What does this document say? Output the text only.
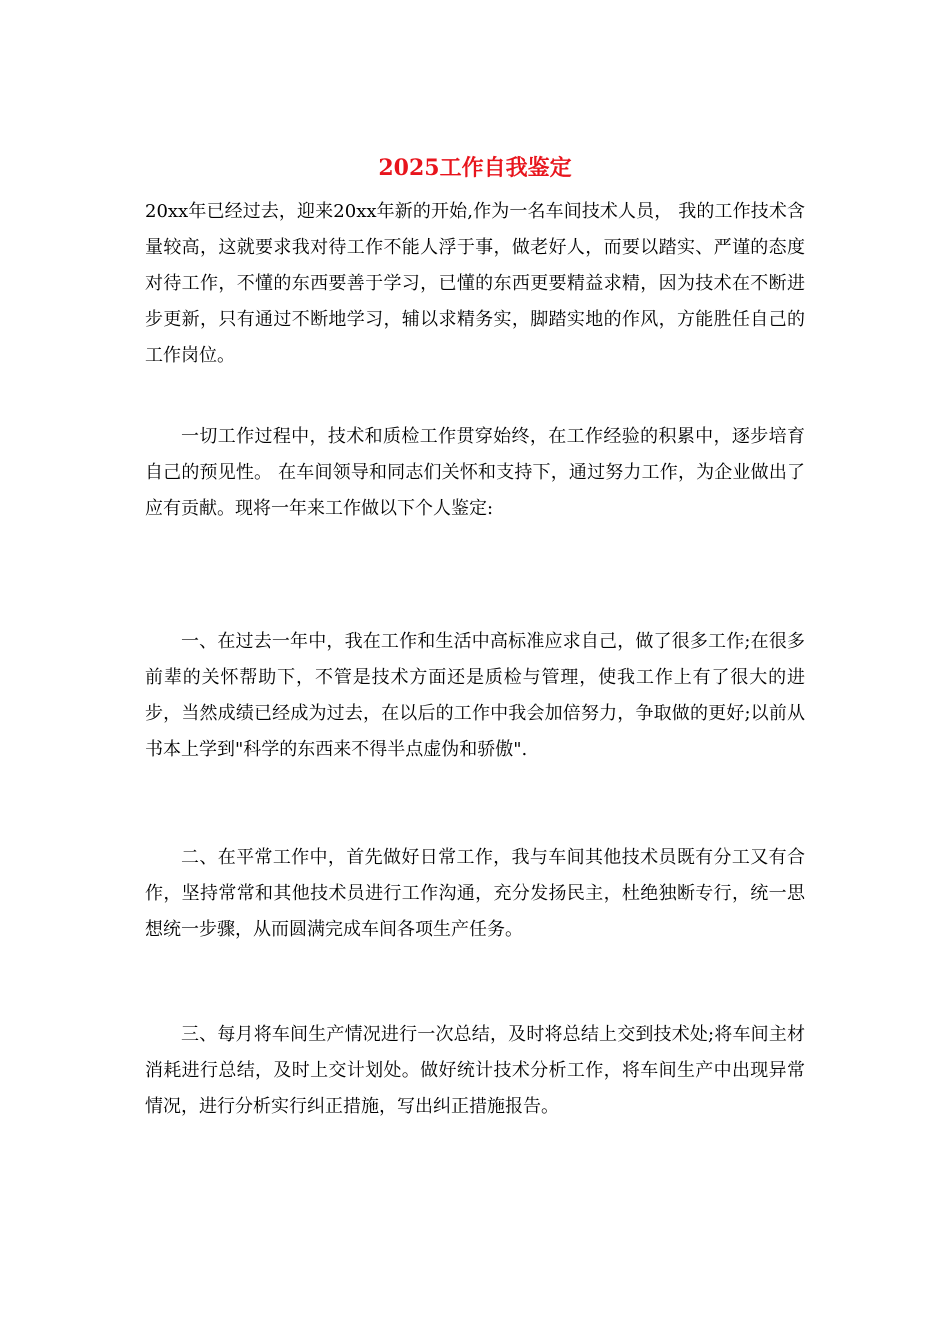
2025工作自我鉴定
20xx年已经过去，迎来20xx年新的开始,作为一名车间技术人员， 我的工作技术含量较高，这就要求我对待工作不能人浮于事，做老好人，而要以踏实、严谨的态度对待工作，不懂的东西要善于学习，已懂的东西更要精益求精，因为技术在不断进步更新，只有通过不断地学习，辅以求精务实，脚踏实地的作风，方能胜任自己的工作岗位。
一切工作过程中，技术和质检工作贯穿始终，在工作经验的积累中，逐步培育自己的预见性。 在车间领导和同志们关怀和支持下，通过努力工作，为企业做出了应有贡献。现将一年来工作做以下个人鉴定:
一、在过去一年中，我在工作和生活中高标准应求自己，做了很多工作;在很多前辈的关怀帮助下，不管是技术方面还是质检与管理，使我工作上有了很大的进步，当然成绩已经成为过去，在以后的工作中我会加倍努力，争取做的更好;以前从书本上学到"科学的东西来不得半点虚伪和骄傲".
二、在平常工作中，首先做好日常工作，我与车间其他技术员既有分工又有合作，坚持常常和其他技术员进行工作沟通，充分发扬民主，杜绝独断专行，统一思想统一步骤，从而圆满完成车间各项生产任务。
三、每月将车间生产情况进行一次总结，及时将总结上交到技术处;将车间主材消耗进行总结，及时上交计划处。做好统计技术分析工作，将车间生产中出现异常情况，进行分析实行纠正措施，写出纠正措施报告。
